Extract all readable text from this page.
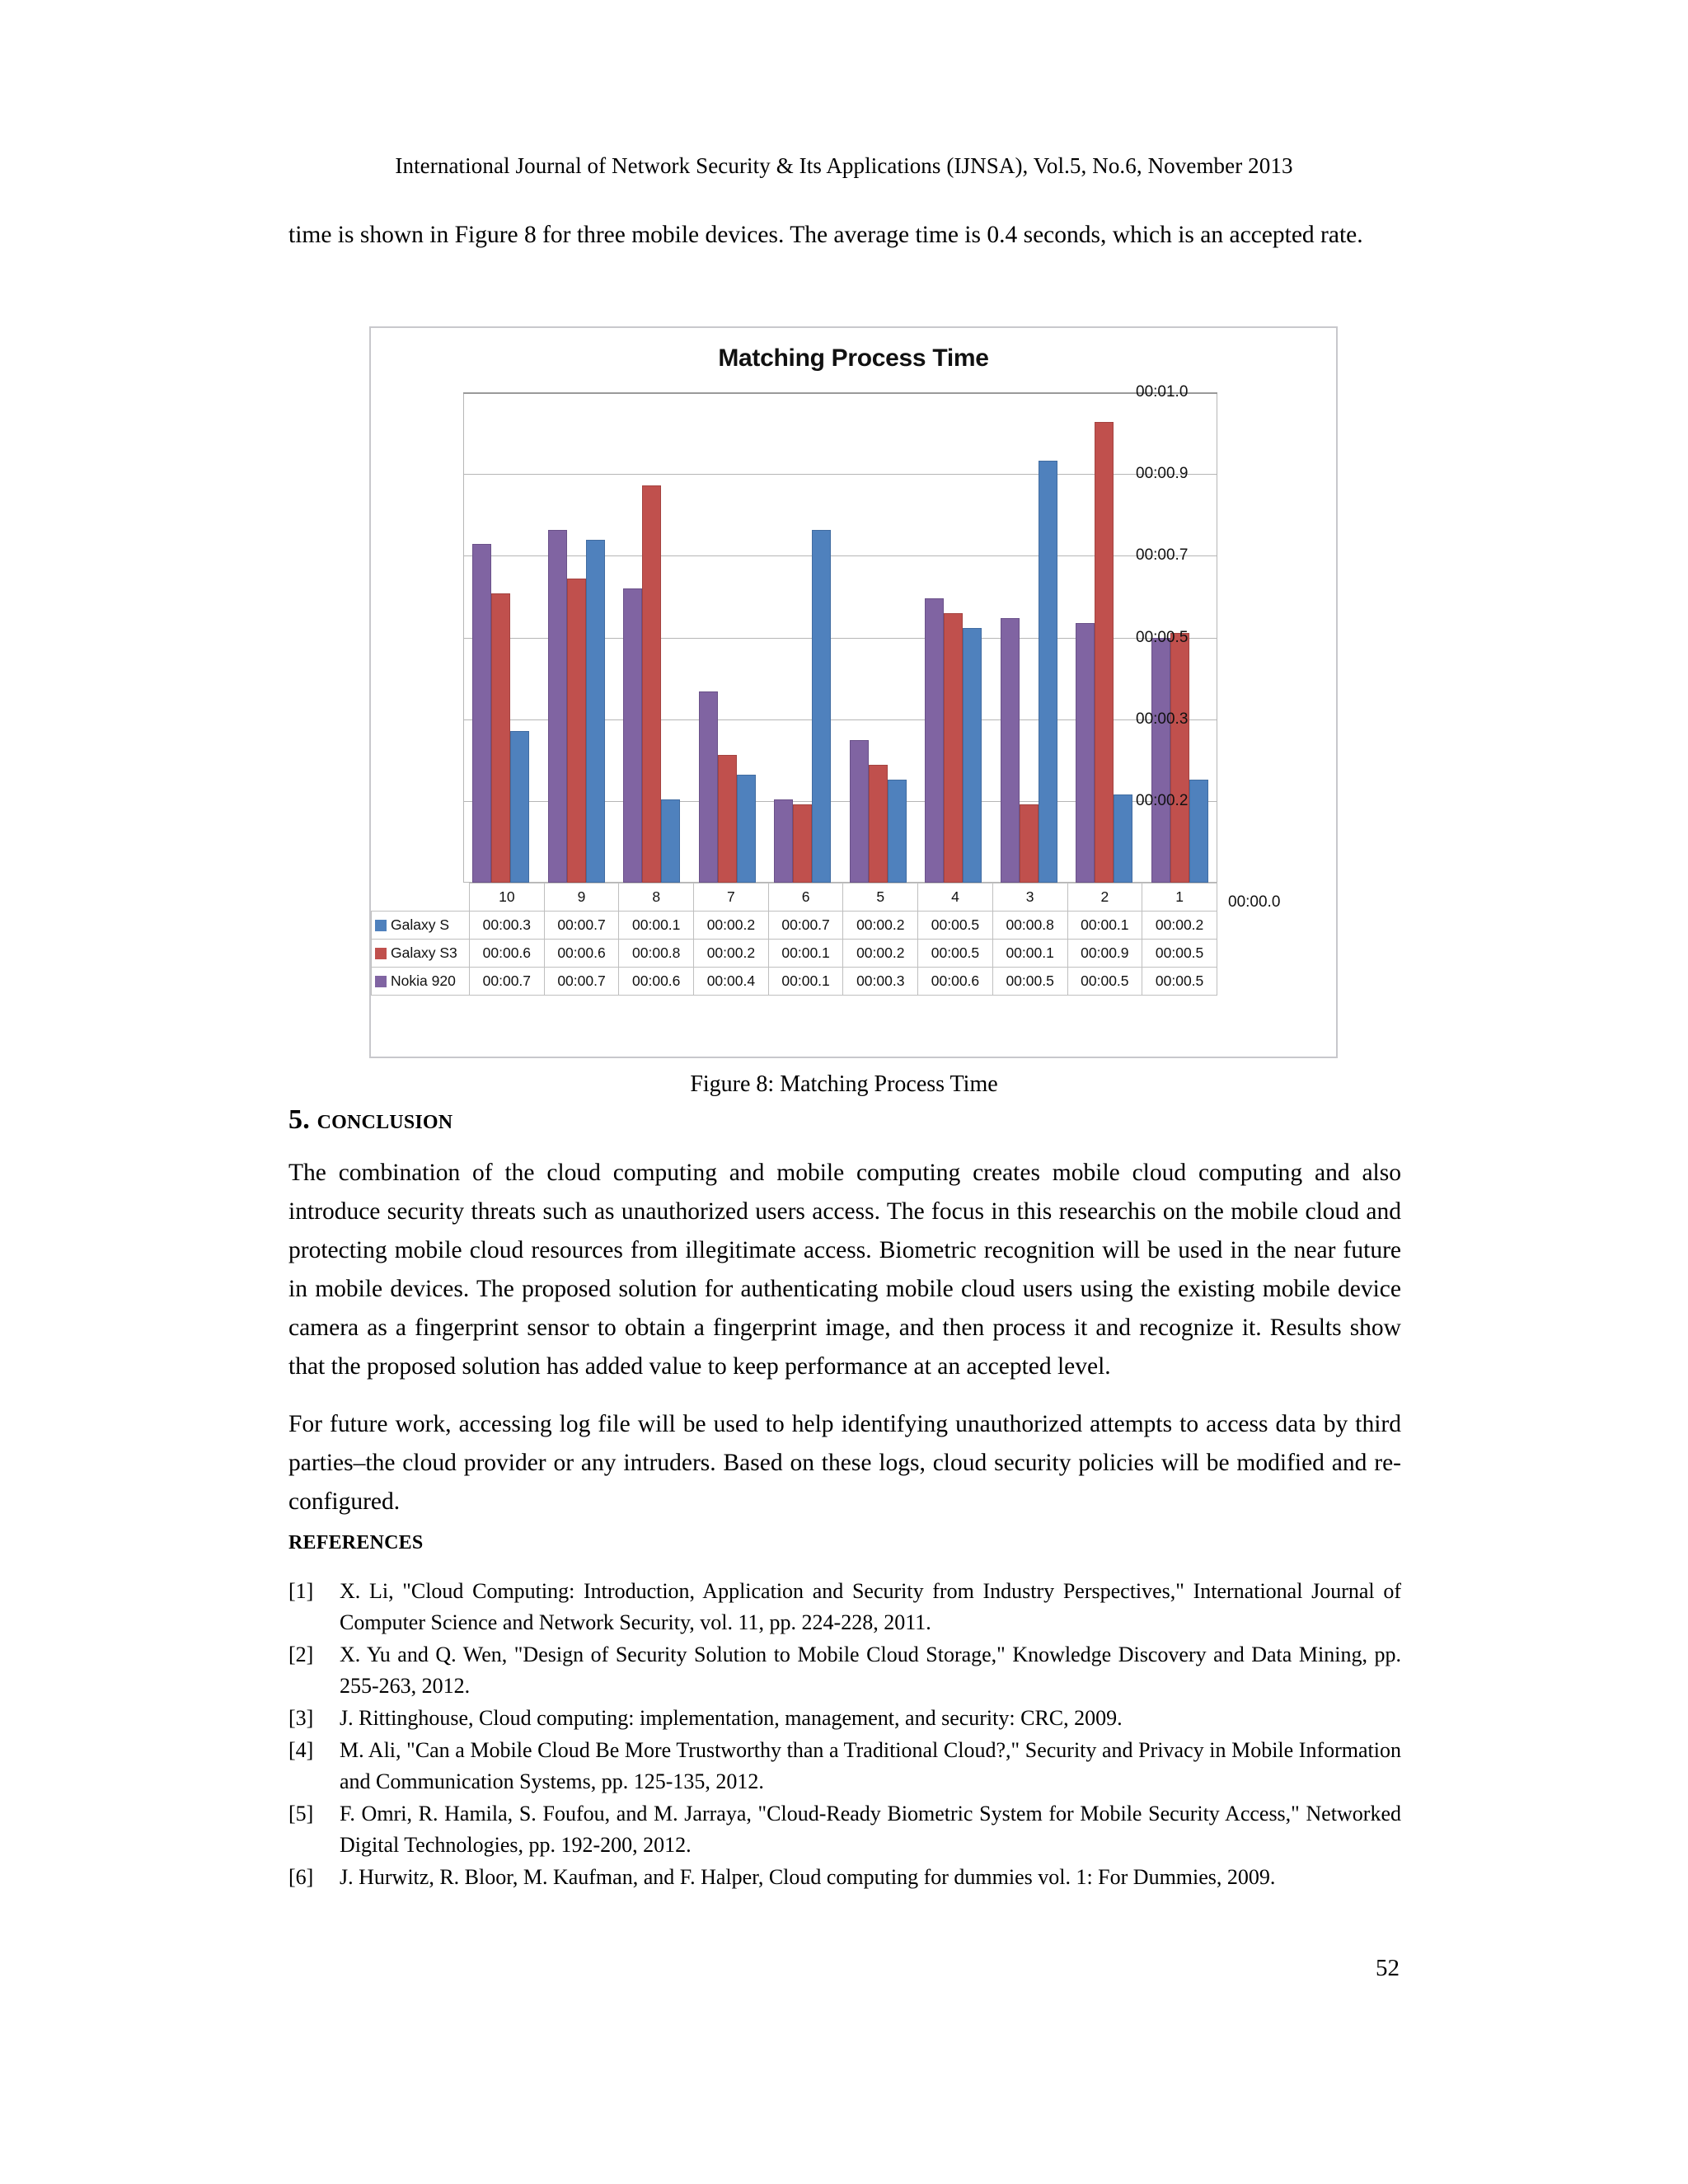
International Journal of Network Security & Its Applications (IJNSA), Vol.5, No.6, November 2013
time is shown in Figure 8 for three mobile devices. The average time is 0.4 seconds, which is an accepted rate.
Matching Process Time
00:01.0
00:00.9
00:00.7
00:00.5
00:00.3
00:00.2
	10	9	8	7	6	5	4	3	2	1
Galaxy S	00:00.3	00:00.7	00:00.1	00:00.2	00:00.7	00:00.2	00:00.5	00:00.8	00:00.1	00:00.2
Galaxy S3	00:00.6	00:00.6	00:00.8	00:00.2	00:00.1	00:00.2	00:00.5	00:00.1	00:00.9	00:00.5
Nokia 920	00:00.7	00:00.7	00:00.6	00:00.4	00:00.1	00:00.3	00:00.6	00:00.5	00:00.5	00:00.5
00:00.0
Figure 8: Matching Process Time
5. conclusion
The combination of the cloud computing and mobile computing creates mobile cloud computing and also introduce security threats such as unauthorized users access. The focus in this researchis on the mobile cloud and protecting mobile cloud resources from illegitimate access. Biometric recognition will be used in the near future in mobile devices. The proposed solution for authenticating mobile cloud users using the existing mobile device camera as a fingerprint sensor to obtain a fingerprint image, and then process it and recognize it. Results show that the proposed solution has added value to keep performance at an accepted level.
For future work, accessing log file will be used to help identifying unauthorized attempts to access data by third parties–the cloud provider or any intruders. Based on these logs, cloud security policies will be modified and re-configured.
references
[1]	X. Li, "Cloud Computing: Introduction, Application and Security from Industry Perspectives," International Journal of Computer Science and Network Security, vol. 11, pp. 224-228, 2011.
[2]	X. Yu and Q. Wen, "Design of Security Solution to Mobile Cloud Storage," Knowledge Discovery and Data Mining, pp. 255-263, 2012.
[3]	J. Rittinghouse, Cloud computing: implementation, management, and security: CRC, 2009.
[4]	M. Ali, "Can a Mobile Cloud Be More Trustworthy than a Traditional Cloud?," Security and Privacy in Mobile Information and Communication Systems, pp. 125-135, 2012.
[5]	F. Omri, R. Hamila, S. Foufou, and M. Jarraya, "Cloud-Ready Biometric System for Mobile Security Access," Networked Digital Technologies, pp. 192-200, 2012.
[6]	J. Hurwitz, R. Bloor, M. Kaufman, and F. Halper, Cloud computing for dummies vol. 1: For Dummies, 2009.
52
